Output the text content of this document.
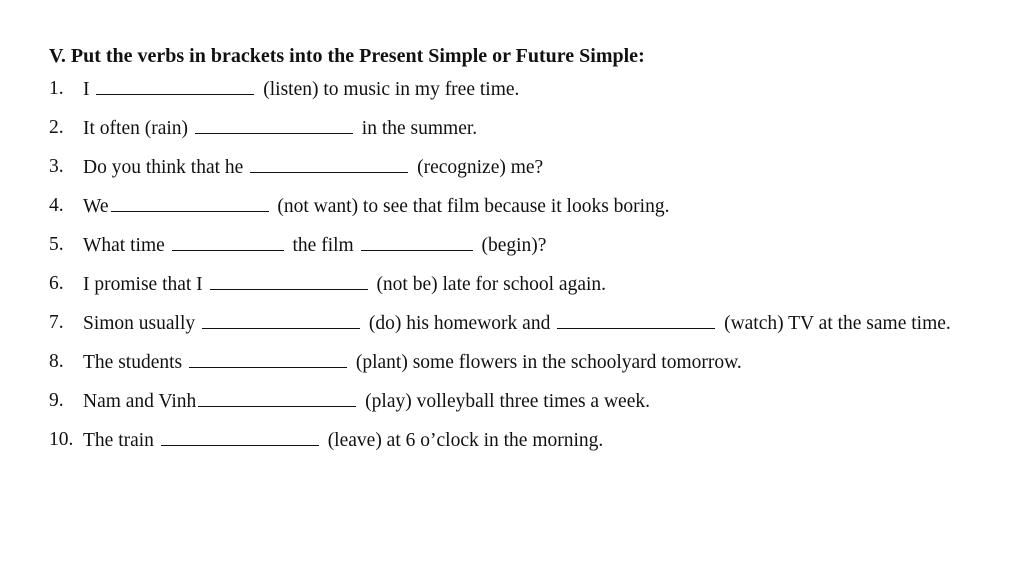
V. Put the verbs in brackets into the Present Simple or Future Simple:
1. I	(listen) to music in my free time.
2. It often (rain)	in the summer.
3. Do you think that he	(recognize) me?
4. We	(not want) to see that film because it looks boring.
5. What time	the film	(begin)?
6. I promise that I	(not be) late for school again.
7. Simon usually	(do) his homework and	(watch) TV at the same time.
8. The students	(plant) some flowers in the schoolyard tomorrow.
9. Nam and Vinh	(play) volleyball three times a week.
10. The train	(leave) at 6 o’clock in the morning.
